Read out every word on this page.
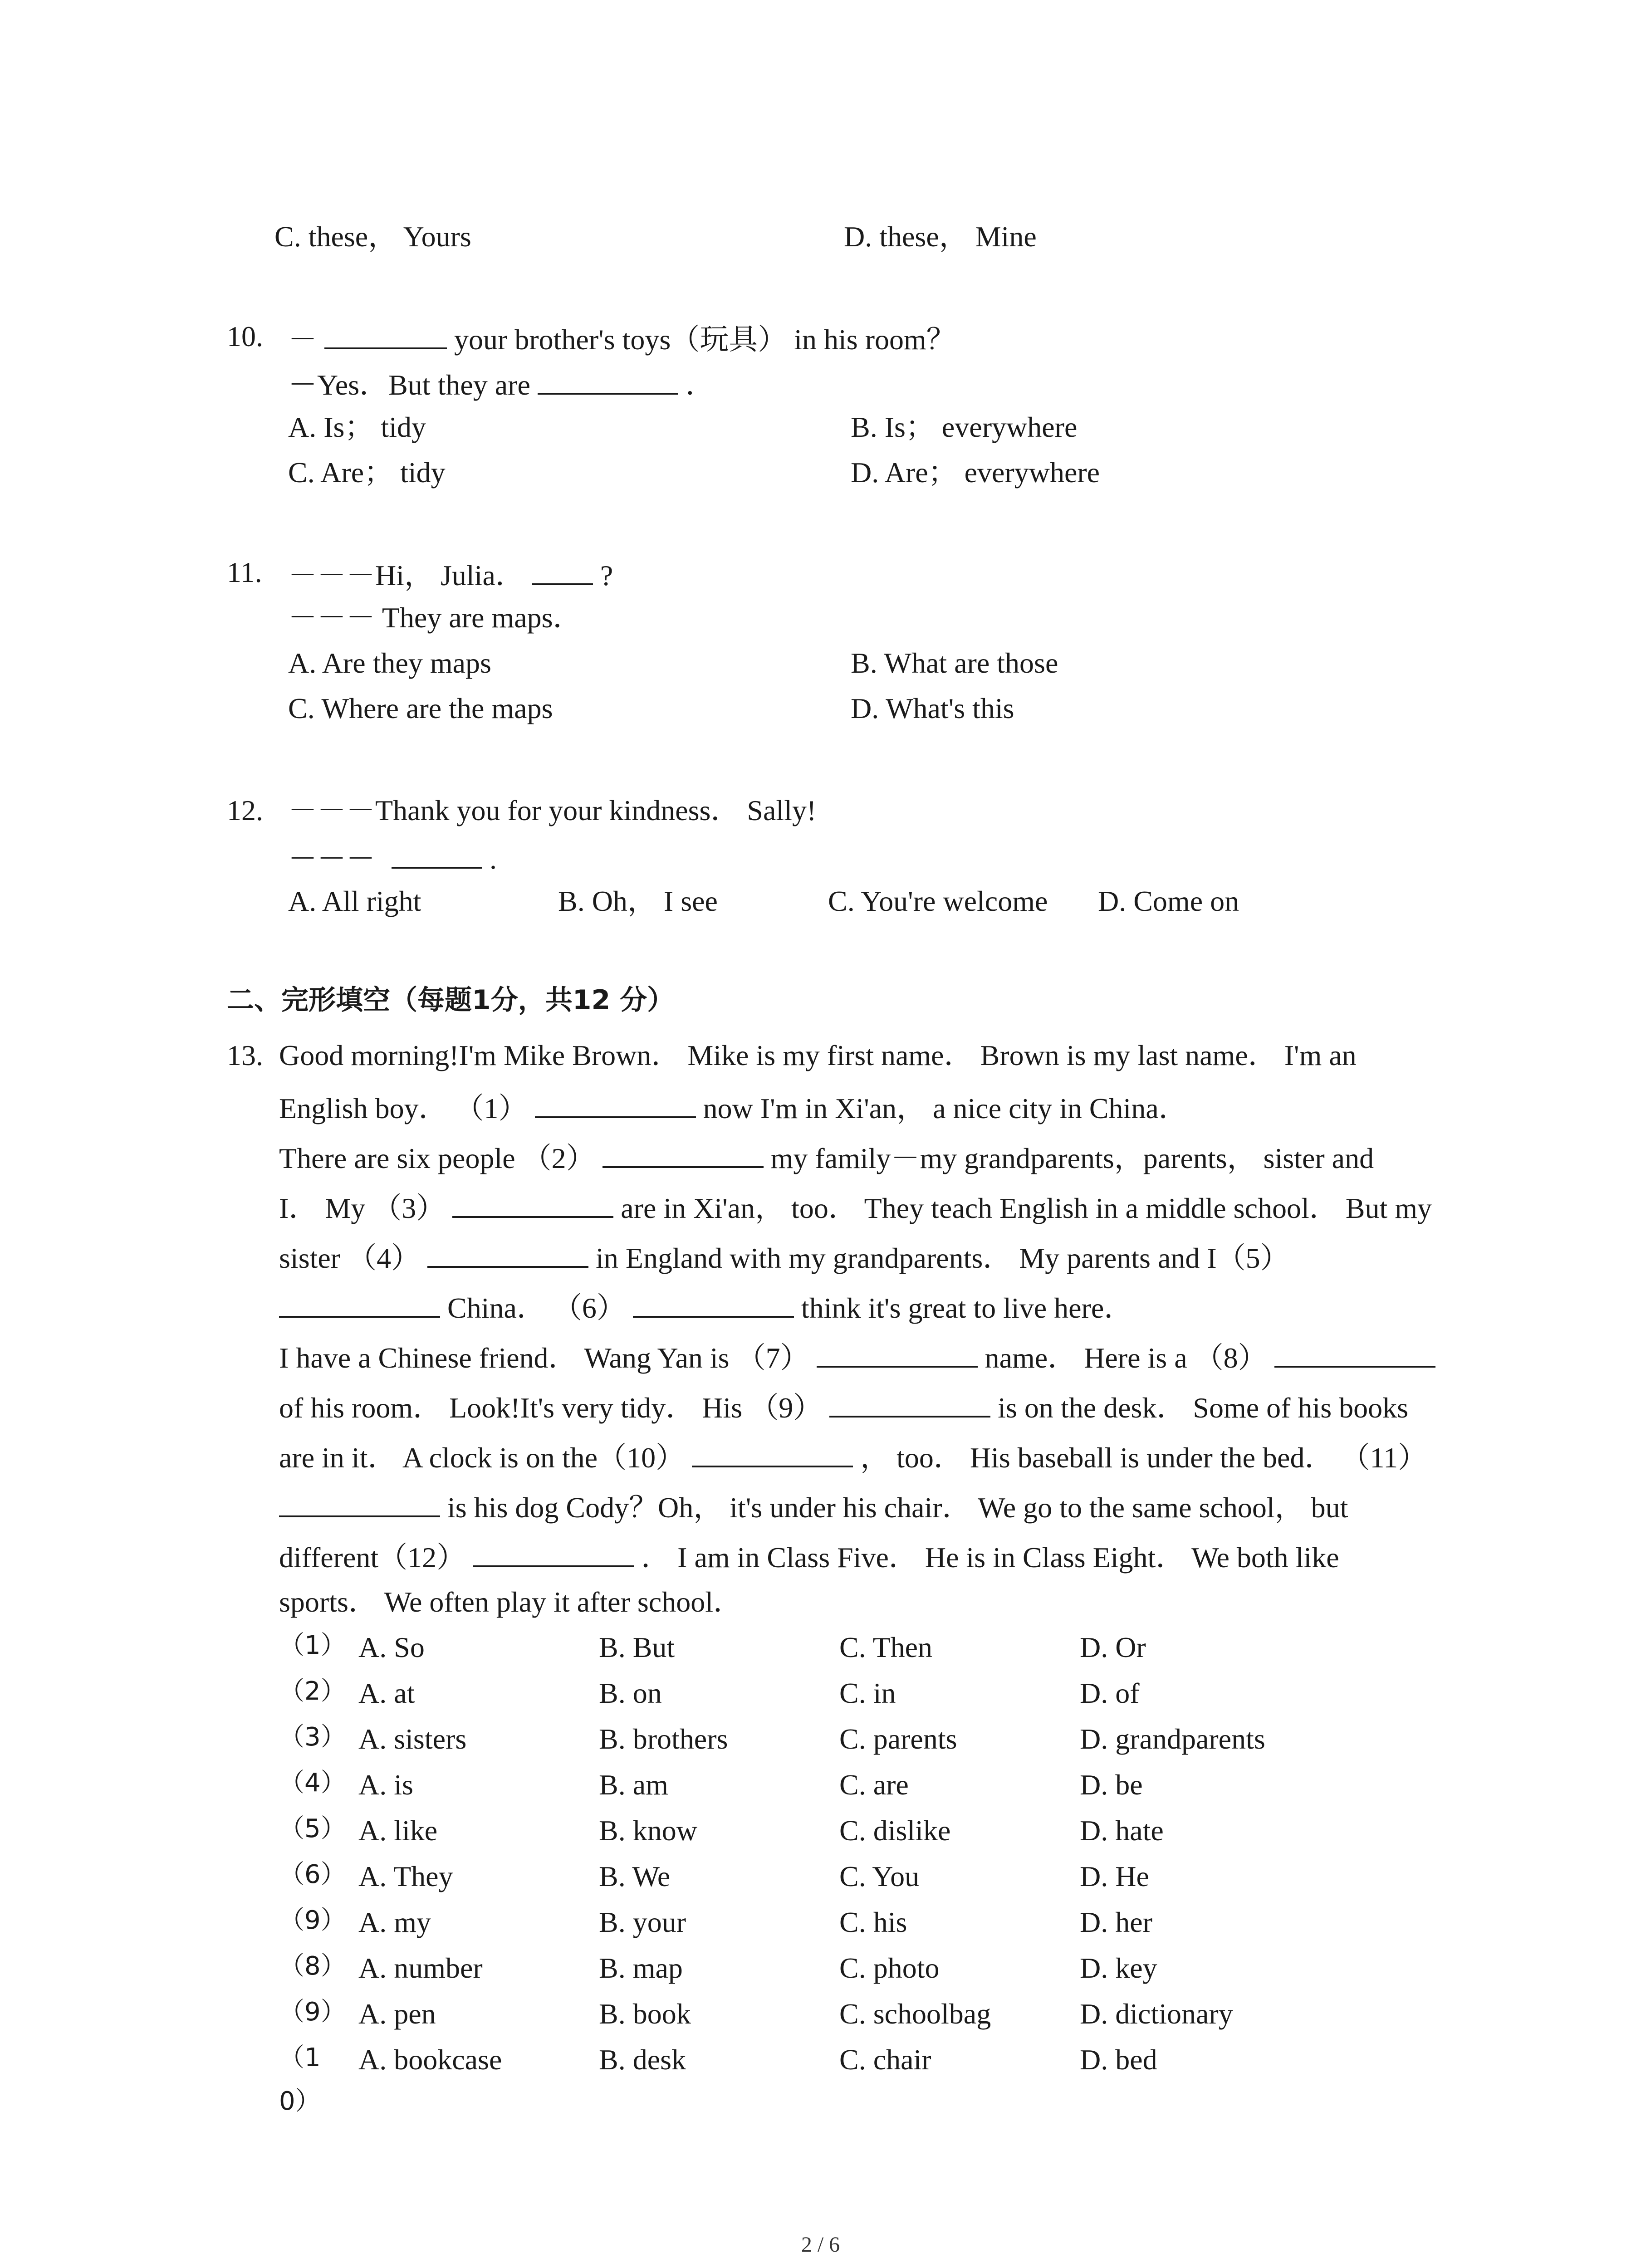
C. these， Yours	D. these， Mine
10. －	your brother's toys（玩具） in his room？
－Yes．But they are	．
A. Is； tidy	B. Is； everywhere
C. Are； tidy	D. Are； everywhere
11. －－－Hi， Julia．	?
－－－ They are maps．
A. Are they maps	B. What are those
C. Where are the maps	D. What's this
12. －－－Thank you for your kindness． Sally!
－－－	.
A. All right	B. Oh， I see	C. You're welcome D. Come on
二、完形填空（每题1分，共12 分）
13. Good morning!I'm Mike Brown． Mike is my first name． Brown is my last name． I'm an
English boy． （1）	now I'm in Xi'an， a nice city in China．
There are six people （2）	my family－my grandparents，parents， sister and
I． My （3）	are in Xi'an， too． They teach English in a middle school． But my
sister （4）	in England with my grandparents． My parents and I（5）
China． （6）	think it's great to live here．
I have a Chinese friend． Wang Yan is （7）	name． Here is a （8）
of his room． Look!It's very tidy． His （9）	is on the desk． Some of his books
are in it． A clock is on the（10）	， too． His baseball is under the bed． （11）
is his dog Cody？Oh， it's under his chair． We go to the same school， but
different（12）	． I am in Class Five． He is in Class Eight． We both like
sports． We often play it after school．
（1） A. So	B. But	C. Then	D. Or
（2） A. at	B. on	C. in	D. of
（3） A. sisters	B. brothers	C. parents	D. grandparents
（4） A. is	B. am	C. are	D. be
（5） A. like	B. know	C. dislike	D. hate
（6） A. They	B. We	C. You	D. He
（9） A. my	B. your	C. his	D. her
（8） A. number	B. map	C. photo	D. key
（9） A. pen	B. book	C. schoolbag	D. dictionary
（1 A. bookcase	B. desk	C. chair	D. bed
0）
2 / 6
